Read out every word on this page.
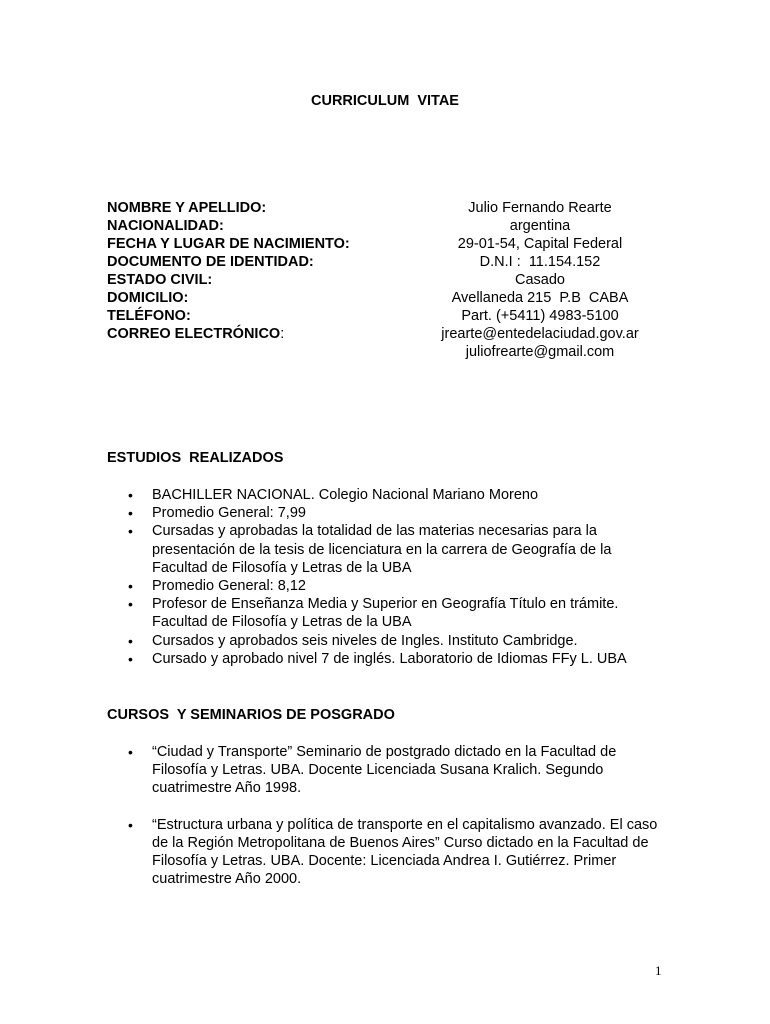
CURRICULUM  VITAE
NOMBRE Y APELLIDO:	Julio Fernando Rearte
NACIONALIDAD:	argentina
FECHA Y LUGAR DE NACIMIENTO:	29-01-54, Capital Federal
DOCUMENTO DE IDENTIDAD:	D.N.I :  11.154.152
ESTADO CIVIL:	Casado
DOMICILIO:	Avellaneda 215  P.B  CABA
TELÉFONO:	Part. (+5411) 4983-5100
CORREO ELECTRÓNICO:	jrearte@entedelaciudad.gov.ar
juliofrearte@gmail.com
ESTUDIOS  REALIZADOS
• BACHILLER NACIONAL. Colegio Nacional Mariano Moreno
• Promedio General: 7,99
• Cursadas y aprobadas la totalidad de las materias necesarias para la presentación de la tesis de licenciatura en la carrera de Geografía de la Facultad de Filosofía y Letras de la UBA
• Promedio General: 8,12
• Profesor de Enseñanza Media y Superior en Geografía Título en trámite. Facultad de Filosofía y Letras de la UBA
• Cursados y aprobados seis niveles de Ingles. Instituto Cambridge.
• Cursado y aprobado nivel 7 de inglés. Laboratorio de Idiomas FFy L. UBA
CURSOS  Y SEMINARIOS DE POSGRADO
• “Ciudad y Transporte” Seminario de postgrado dictado en la Facultad de Filosofía y Letras. UBA. Docente Licenciada Susana Kralich. Segundo cuatrimestre Año 1998.
• “Estructura urbana y política de transporte en el capitalismo avanzado. El caso de la Región Metropolitana de Buenos Aires” Curso dictado en la Facultad de Filosofía y Letras. UBA. Docente: Licenciada Andrea I. Gutiérrez. Primer cuatrimestre Año 2000.
1
